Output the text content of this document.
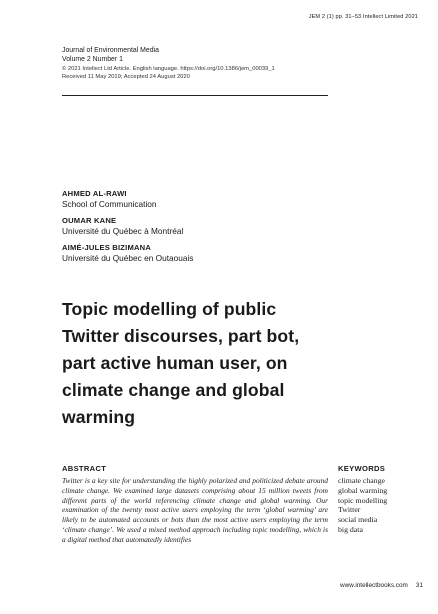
JEM 2 (1) pp. 31–53 Intellect Limited 2021
Journal of Environmental Media
Volume 2 Number 1
© 2021 Intellect Ltd Article. English language. https://doi.org/10.1386/jem_00039_1
Received 11 May 2019; Accepted 24 August 2020
AHMED AL-RAWI
School of Communication
OUMAR KANE
Université du Québec à Montréal
AIMÉ-JULES BIZIMANA
Université du Québec en Outaouais
Topic modelling of public
Twitter discourses, part bot,
part active human user, on
climate change and global
warming
ABSTRACT

Twitter is a key site for understanding the highly polarized and politicized debate around climate change. We examined large datasets comprising about 15 million tweets from different parts of the world referencing climate change and global warming. Our examination of the twenty most active users employing the term ‘global warming’ are likely to be automated accounts or bots than the most active users employing the term ‘climate change’. We used a mixed method approach including topic modelling, which is a digital method that automatedly identifies

KEYWORDS
climate change
global warming
topic modelling
Twitter
social media
big data
www.intellectbooks.com 31
